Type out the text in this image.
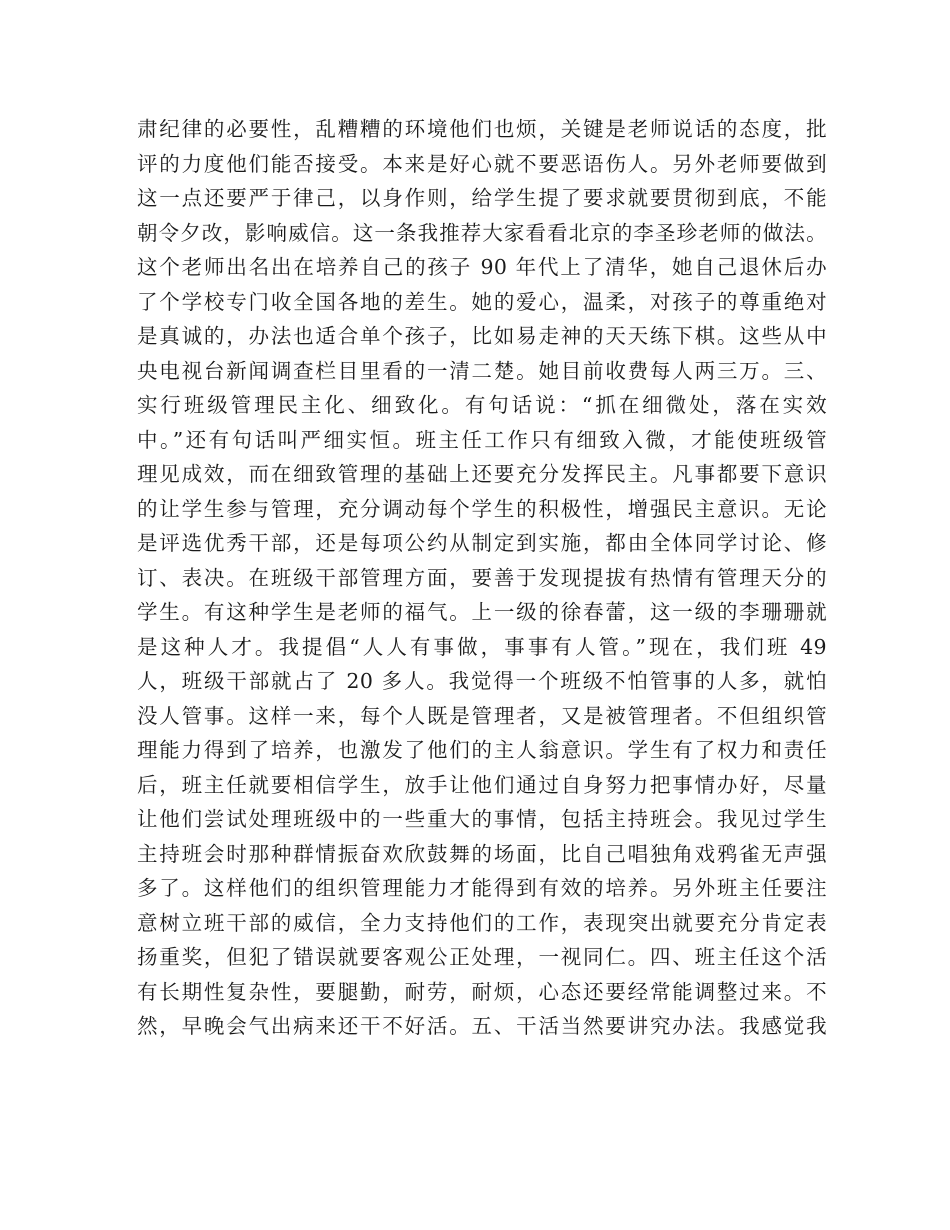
肃纪律的必要性，乱糟糟的环境他们也烦，关键是老师说话的态度，批
评的力度他们能否接受。本来是好心就不要恶语伤人。另外老师要做到
这一点还要严于律己，以身作则，给学生提了要求就要贯彻到底，不能
朝令夕改，影响威信。这一条我推荐大家看看北京的李圣珍老师的做法。
这个老师出名出在培养自己的孩子 90 年代上了清华，她自己退休后办
了个学校专门收全国各地的差生。她的爱心，温柔，对孩子的尊重绝对
是真诚的，办法也适合单个孩子，比如易走神的天天练下棋。这些从中
央电视台新闻调查栏目里看的一清二楚。她目前收费每人两三万。三、
实行班级管理民主化、细致化。有句话说：“抓在细微处，落在实效
中。”还有句话叫严细实恒。班主任工作只有细致入微，才能使班级管
理见成效，而在细致管理的基础上还要充分发挥民主。凡事都要下意识
的让学生参与管理，充分调动每个学生的积极性，增强民主意识。无论
是评选优秀干部，还是每项公约从制定到实施，都由全体同学讨论、修
订、表决。在班级干部管理方面，要善于发现提拔有热情有管理天分的
学生。有这种学生是老师的福气。上一级的徐春蕾，这一级的李珊珊就
是这种人才。我提倡“人人有事做，事事有人管。”现在，我们班 49
人，班级干部就占了 20 多人。我觉得一个班级不怕管事的人多，就怕
没人管事。这样一来，每个人既是管理者，又是被管理者。不但组织管
理能力得到了培养，也激发了他们的主人翁意识。学生有了权力和责任
后，班主任就要相信学生，放手让他们通过自身努力把事情办好，尽量
让他们尝试处理班级中的一些重大的事情，包括主持班会。我见过学生
主持班会时那种群情振奋欢欣鼓舞的场面，比自己唱独角戏鸦雀无声强
多了。这样他们的组织管理能力才能得到有效的培养。另外班主任要注
意树立班干部的威信，全力支持他们的工作，表现突出就要充分肯定表
扬重奖，但犯了错误就要客观公正处理，一视同仁。四、班主任这个活
有长期性复杂性，要腿勤，耐劳，耐烦，心态还要经常能调整过来。不
然，早晚会气出病来还干不好活。五、干活当然要讲究办法。我感觉我
